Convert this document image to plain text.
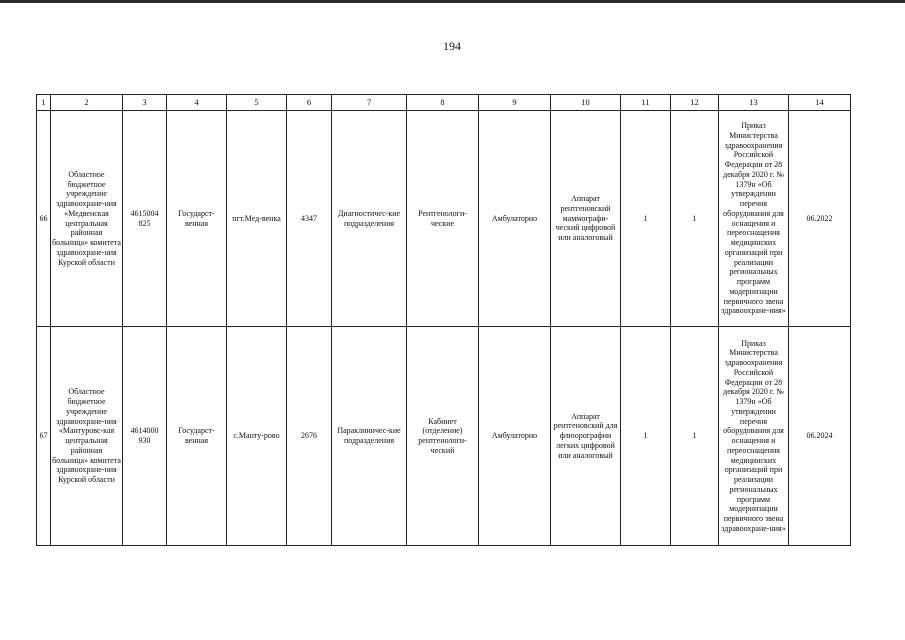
194
1	2	3	4	5	6	7	8	9	10	11	12	13	14
66	Областное бюджетное учреждение здравоохране-ния «Медвенская центральная районная больница» комитета здравоохране-ния Курской области	4615004 825	Государст-венная	пгт.Мед-венка	4347	Диагностичес-кие подразделения	Рентгенологи-ческие	Амбулаторно	Аппарат рентгеновский маммографи-ческий цифровой или аналоговый	1	1	Приказ Министерства здравоохранения Российской Федерации от 28 декабря 2020 г. № 1379н «Об утверждении перечня оборудования для оснащения и переоснащения медицинских организаций при реализации региональных программ модернизации первичного звена здравоохране-ния»	06.2022
67	Областное бюджетное учреждение здравоохране-ния «Мантуровс-кая центральная районная больница» комитета здравоохране-ния Курской области	4614000 930	Государст-венная	с.Манту-рово	2676	Параклиничес-кие подразделения	Кабинет (отделение) рентгенологи-ческий	Амбулаторно	Аппарат рентгеновский для флюорографии легких цифровой или аналоговый	1	1	Приказ Министерства здравоохранения Российской Федерации от 28 декабря 2020 г. № 1379н «Об утверждении перечня оборудования для оснащения и переоснащения медицинских организаций при реализации региональных программ модернизации первичного звена здравоохране-ния»	06.2024
